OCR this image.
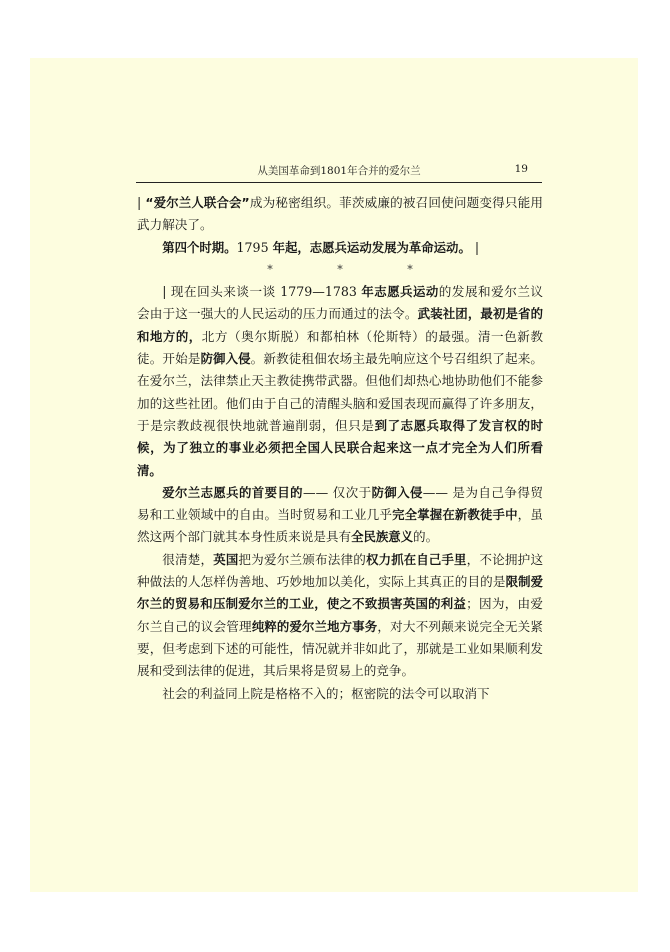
从美国革命到1801年合并的爱尔兰	19

| “爱尔兰人联合会”成为秘密组织。菲茨威廉的被召回使问题变得只能用武力解决了。

第四个时期。1795 年起，志愿兵运动发展为革命运动。 |

*	*	*

| 现在回头来谈一谈 1779—1783 年志愿兵运动的发展和爱尔兰议会由于这一强大的人民运动的压力而通过的法令。武装社团，最初是省的和地方的，北方（奥尔斯脱）和都柏林（伦斯特）的最强。清一色新教徒。开始是防御入侵。新教徒租佃农场主最先响应这个号召组织了起来。在爱尔兰，法律禁止天主教徒携带武器。但他们却热心地协助他们不能参加的这些社团。他们由于自己的清醒头脑和爱国表现而赢得了许多朋友，于是宗教歧视很快地就普遍削弱，但只是到了志愿兵取得了发言权的时候，为了独立的事业必须把全国人民联合起来这一点才完全为人们所看清。

爱尔兰志愿兵的首要目的—— 仅次于防御入侵—— 是为自己争得贸易和工业领域中的自由。当时贸易和工业几乎完全掌握在新教徒手中，虽然这两个部门就其本身性质来说是具有全民族意义的。

很清楚，英国把为爱尔兰颁布法律的权力抓在自己手里，不论拥护这种做法的人怎样伪善地、巧妙地加以美化，实际上其真正的目的是限制爱尔兰的贸易和压制爱尔兰的工业，使之不致损害英国的利益；因为，由爱尔兰自己的议会管理纯粹的爱尔兰地方事务，对大不列颠来说完全无关紧要，但考虑到下述的可能性，情况就并非如此了，那就是工业如果顺利发展和受到法律的促进，其后果将是贸易上的竞争。

社会的利益同上院是格格不入的；枢密院的法令可以取消下
